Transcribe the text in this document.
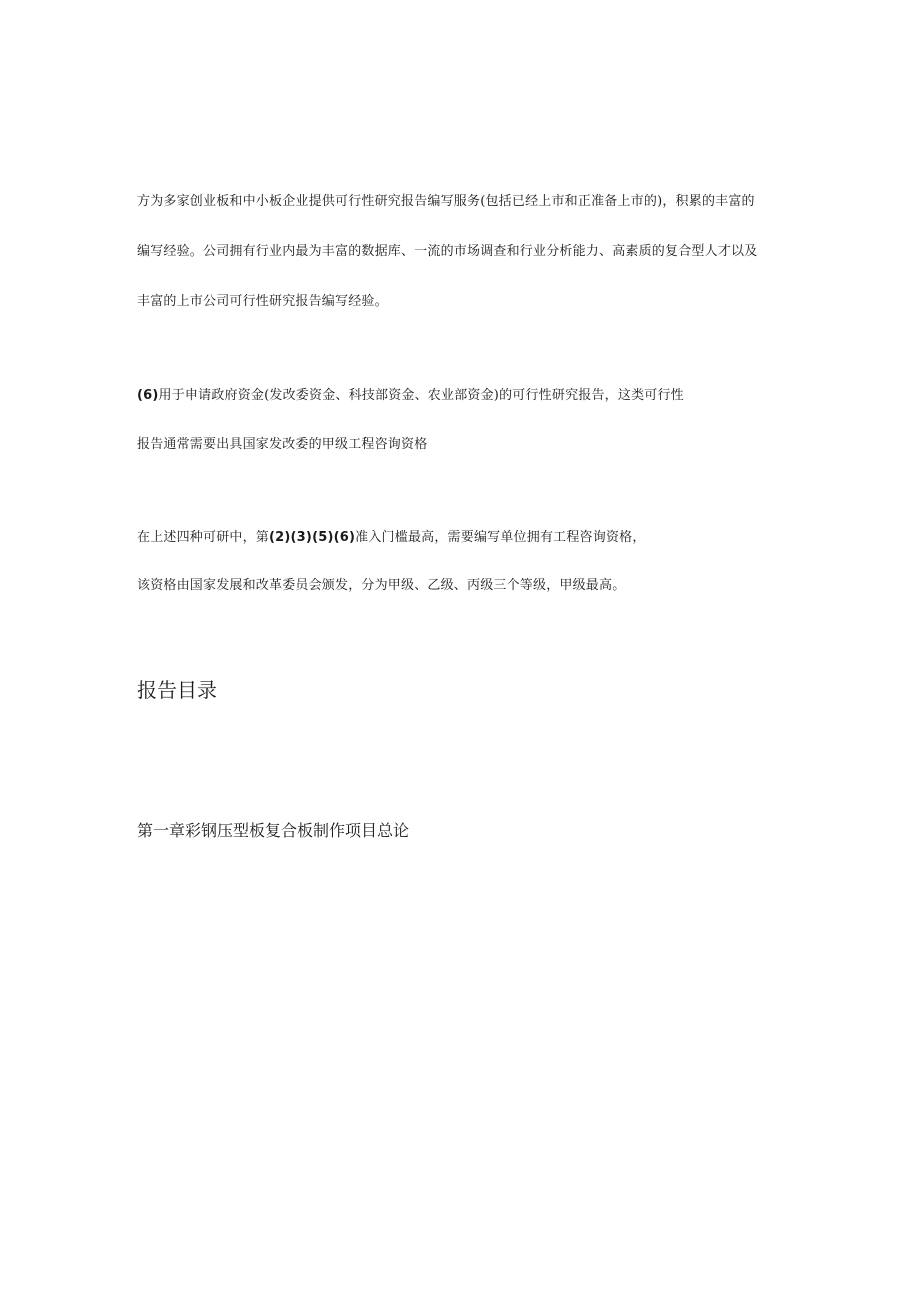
方为多家创业板和中小板企业提供可行性研究报告编写服务(包括已经上市和正准备上市的)，积累的丰富的
编写经验。公司拥有行业内最为丰富的数据库、一流的市场调查和行业分析能力、高素质的复合型人才以及
丰富的上市公司可行性研究报告编写经验。
(6)用于申请政府资金(发改委资金、科技部资金、农业部资金)的可行性研究报告，这类可行性
报告通常需要出具国家发改委的甲级工程咨询资格
在上述四种可研中，第(2)(3)(5)(6)准入门槛最高，需要编写单位拥有工程咨询资格，
该资格由国家发展和改革委员会颁发，分为甲级、乙级、丙级三个等级，甲级最高。
报告目录
第一章彩钢压型板复合板制作项目总论
